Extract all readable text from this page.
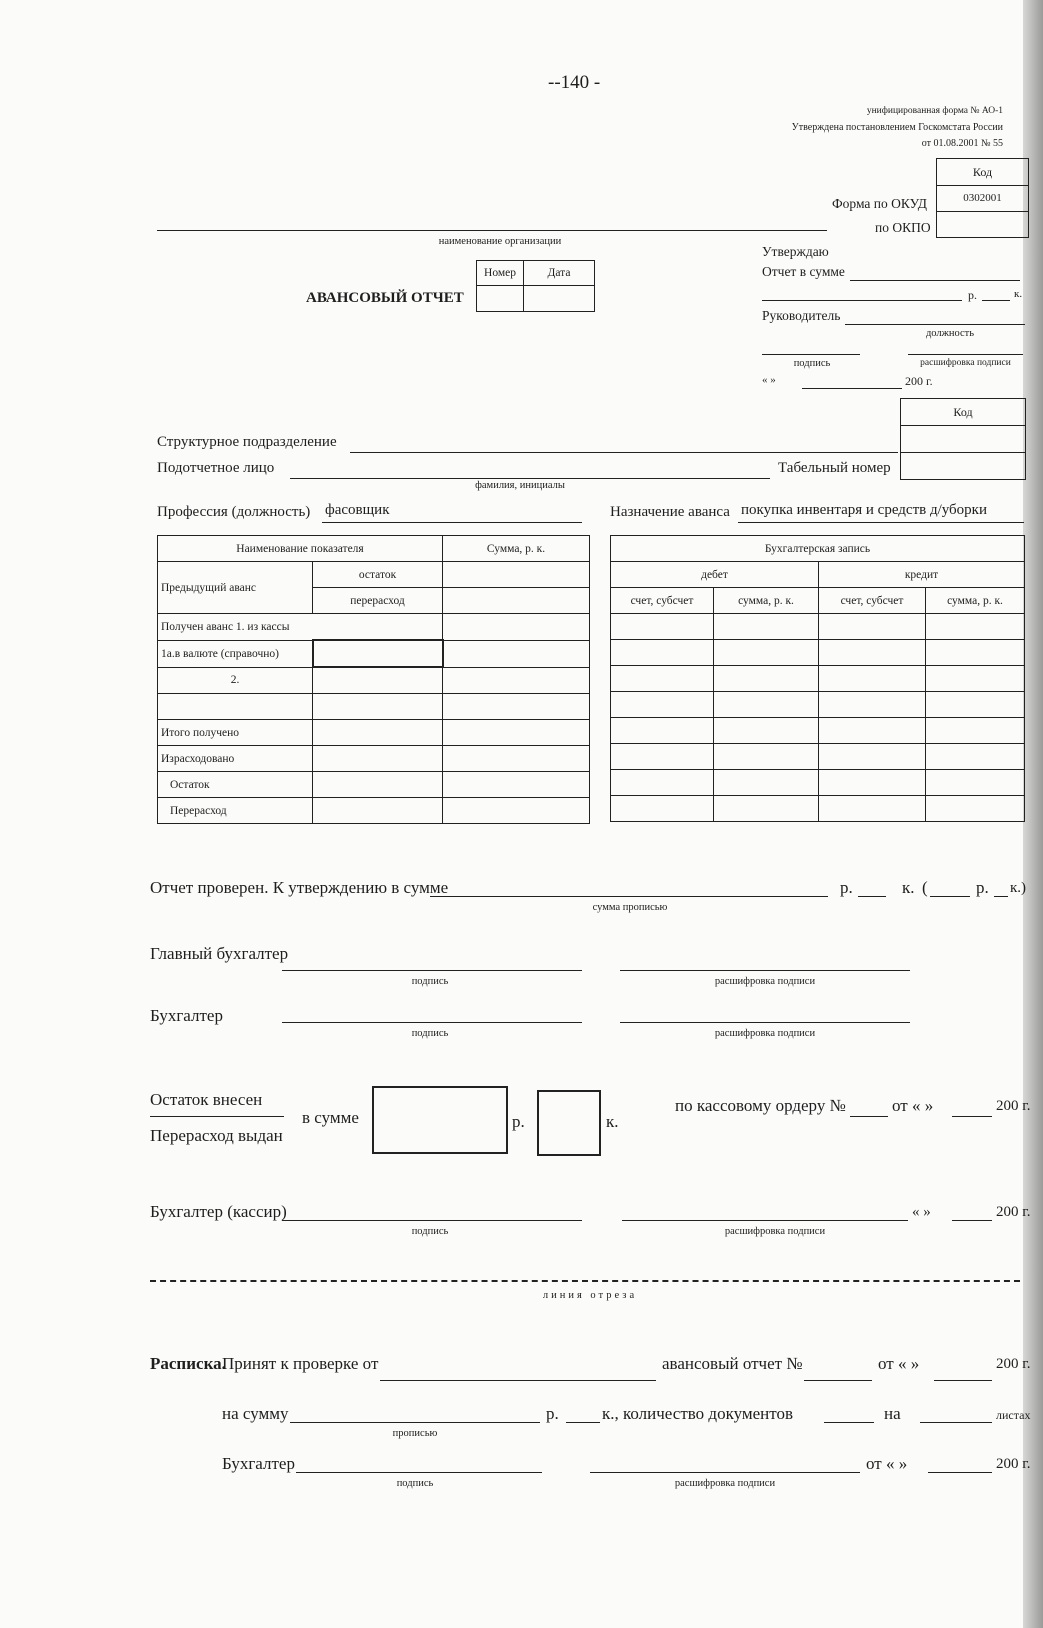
--140 -
унифицированная форма № АО-1
Утверждена постановлением Госкомстата России
от 01.08.2001 № 55
Код
0302001
Форма по ОКУД
по ОКПО
наименование организации
АВАНСОВЫЙ ОТЧЕТ
Номер	Дата

Утверждаю
Отчет в сумме
р.	к.
Руководитель
должность
подпись	расшифровка подписи
« »	200 г.
Код
Структурное подразделение
Подотчетное лицо
фамилия, инициалы
Табельный номер
Профессия (должность) фасовщик	Назначение аванса покупка инвентаря и средств д/уборки
Наименование показателя		Сумма, р. к.
Предыдущий аванс	остаток	
	перерасход	
Получен аванс 1. из кассы		
1а.в валюте (справочно)		
2.		

Итого получено		
Израсходовано		
Остаток		
Перерасход		
Бухгалтерская запись			
дебет		кредит	
счет, субсчет	сумма, р. к.	счет, субсчет	сумма, р. к.

Отчет проверен. К утверждению в сумме
сумма прописью
р.	к. (	р. к.)
Главный бухгалтер
подпись	расшифровка подписи
Бухгалтер
подпись	расшифровка подписи
Остаток внесен
Перерасход выдан
в сумме	р.	к.
по кассовому ордеру №	от « »	200 г.
Бухгалтер (кассир)
подпись	расшифровка подписи
« »	200 г.
линия отреза
Расписка.
Принят к проверке от	авансовый отчет №	от « »	200 г.
на сумму
прописью
р.	к., количество документов	на	листах
Бухгалтер
подпись	расшифровка подписи
от « »	200 г.
